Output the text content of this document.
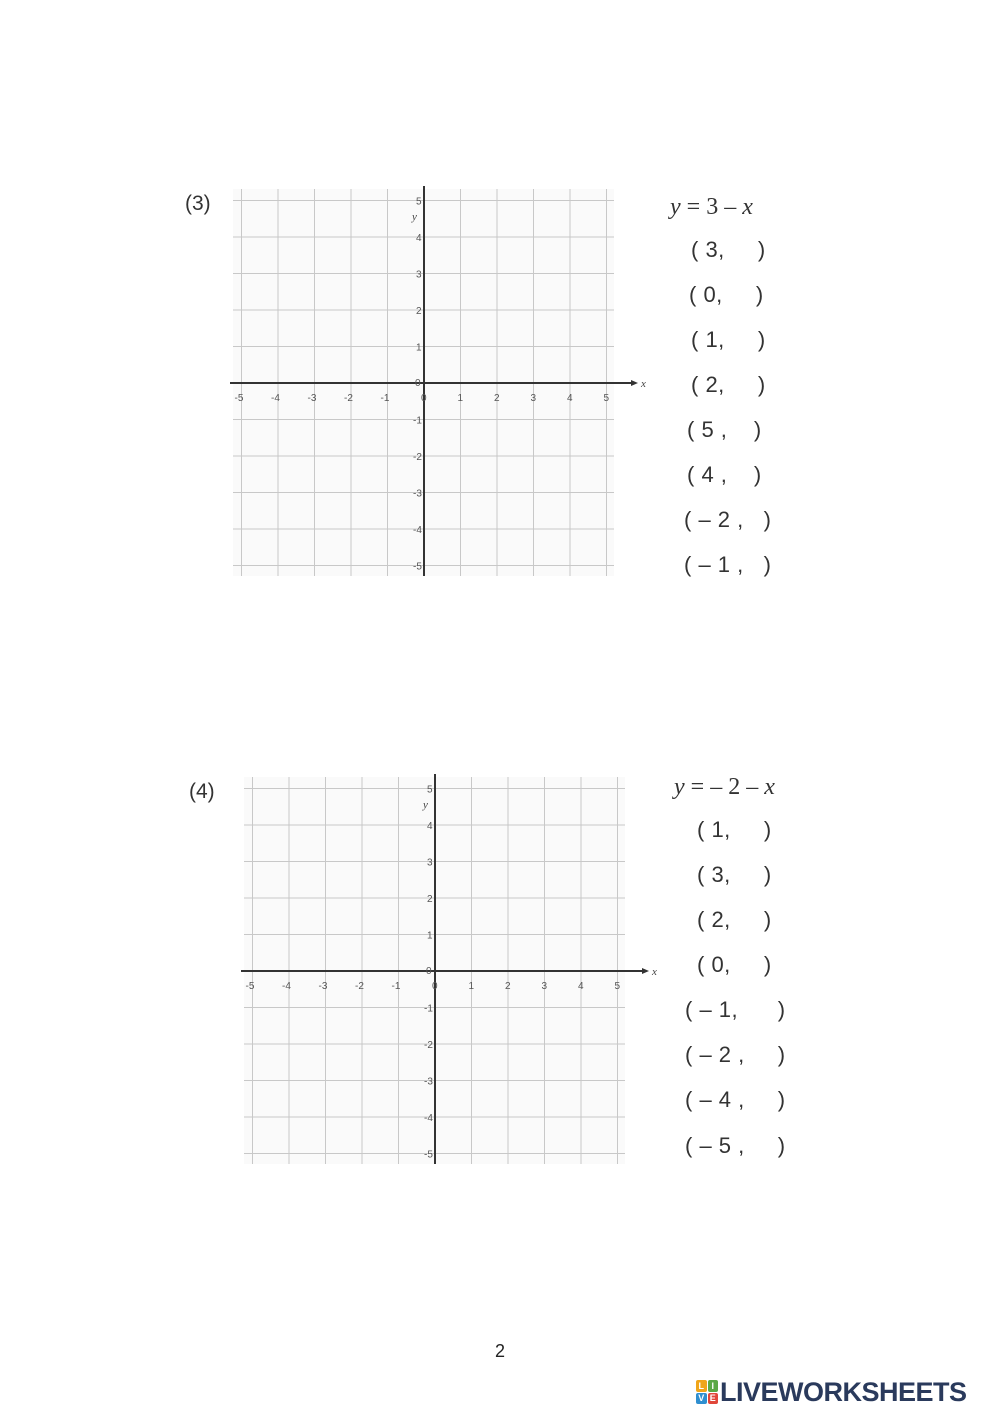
(3)
x
y
-5	-4	-3	-2	-1	0	1	2	3	4	5
5
4
3
2
1
-1
-2
-3
-4
-5
0
y = 3 – x
( 3,     )
( 0,     )
( 1,     )
( 2,     )
( 5 ,    )
( 4 ,    )
( – 2 ,   )
( – 1 ,   )
(4)
x
y
-5	-4	-3	-2	-1	0	1	2	3	4	5
5
4
3
2
1
-1
-2
-3
-4
-5
0
y = – 2 – x
( 1,     )
( 3,     )
( 2,     )
( 0,     )
( – 1,      )
( – 2 ,     )
( – 4 ,     )
( – 5 ,     )
2
L I
V E LIVEWORKSHEETS
